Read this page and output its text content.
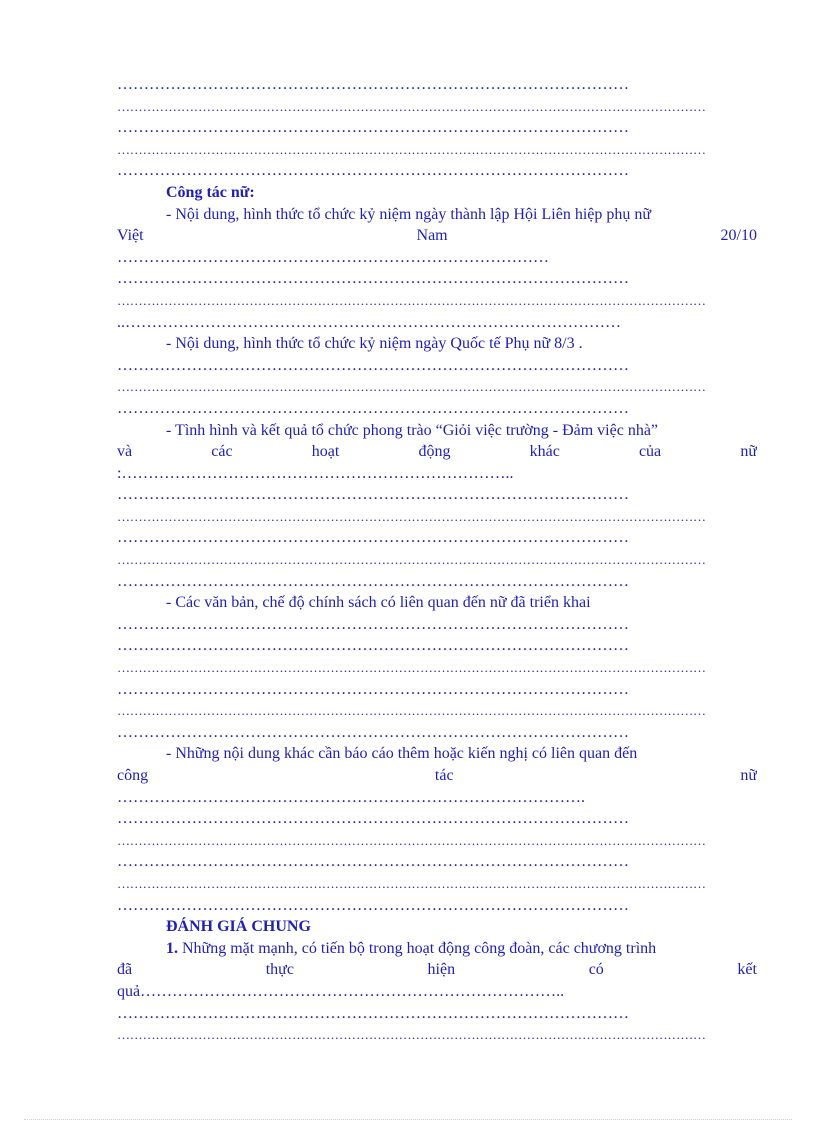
……………………………………………………………………………………
…………………………………………………………………………………………………………………………
……………………………………………………………………………………
…………………………………………………………………………………………………………………………
……………………………………………………………………………………
Công tác nữ:
- Nội dung, hình thức tổ chức kỷ niệm ngày thành lập Hội Liên hiệp phụ nữ
Việt	Nam	20/10
………………………………………………………………………
……………………………………………………………………………………
…………………………………………………………………………………………………………………………
..…………………………………………………………………………………
- Nội dung, hình thức tổ chức kỷ niệm ngày Quốc tế Phụ nữ 8/3 .
……………………………………………………………………………………
…………………………………………………………………………………………………………………………
……………………………………………………………………………………
- Tình hình và kết quả tổ chức phong trào “Giỏi việc trường - Đảm việc nhà”
và	các	hoạt	động	khác	của	nữ
:………………………………………………………………..
……………………………………………………………………………………
…………………………………………………………………………………………………………………………
……………………………………………………………………………………
…………………………………………………………………………………………………………………………
……………………………………………………………………………………
- Các văn bản, chế độ chính sách có liên quan đến nữ đã triển khai
……………………………………………………………………………………
……………………………………………………………………………………
…………………………………………………………………………………………………………………………
……………………………………………………………………………………
…………………………………………………………………………………………………………………………
……………………………………………………………………………………
- Những nội dung khác cần báo cáo thêm hoặc kiến nghị có liên quan đến
công	tác	nữ
…………………………………………………………………………….
……………………………………………………………………………………
…………………………………………………………………………………………………………………………
……………………………………………………………………………………
…………………………………………………………………………………………………………………………
……………………………………………………………………………………
ĐÁNH GIÁ CHUNG
1. Những mặt mạnh, có tiến bộ trong hoạt động công đoàn, các chương trình
đã	thực	hiện	có	kết
quả……………………………………………………………………..
……………………………………………………………………………………
…………………………………………………………………………………………………………………………
